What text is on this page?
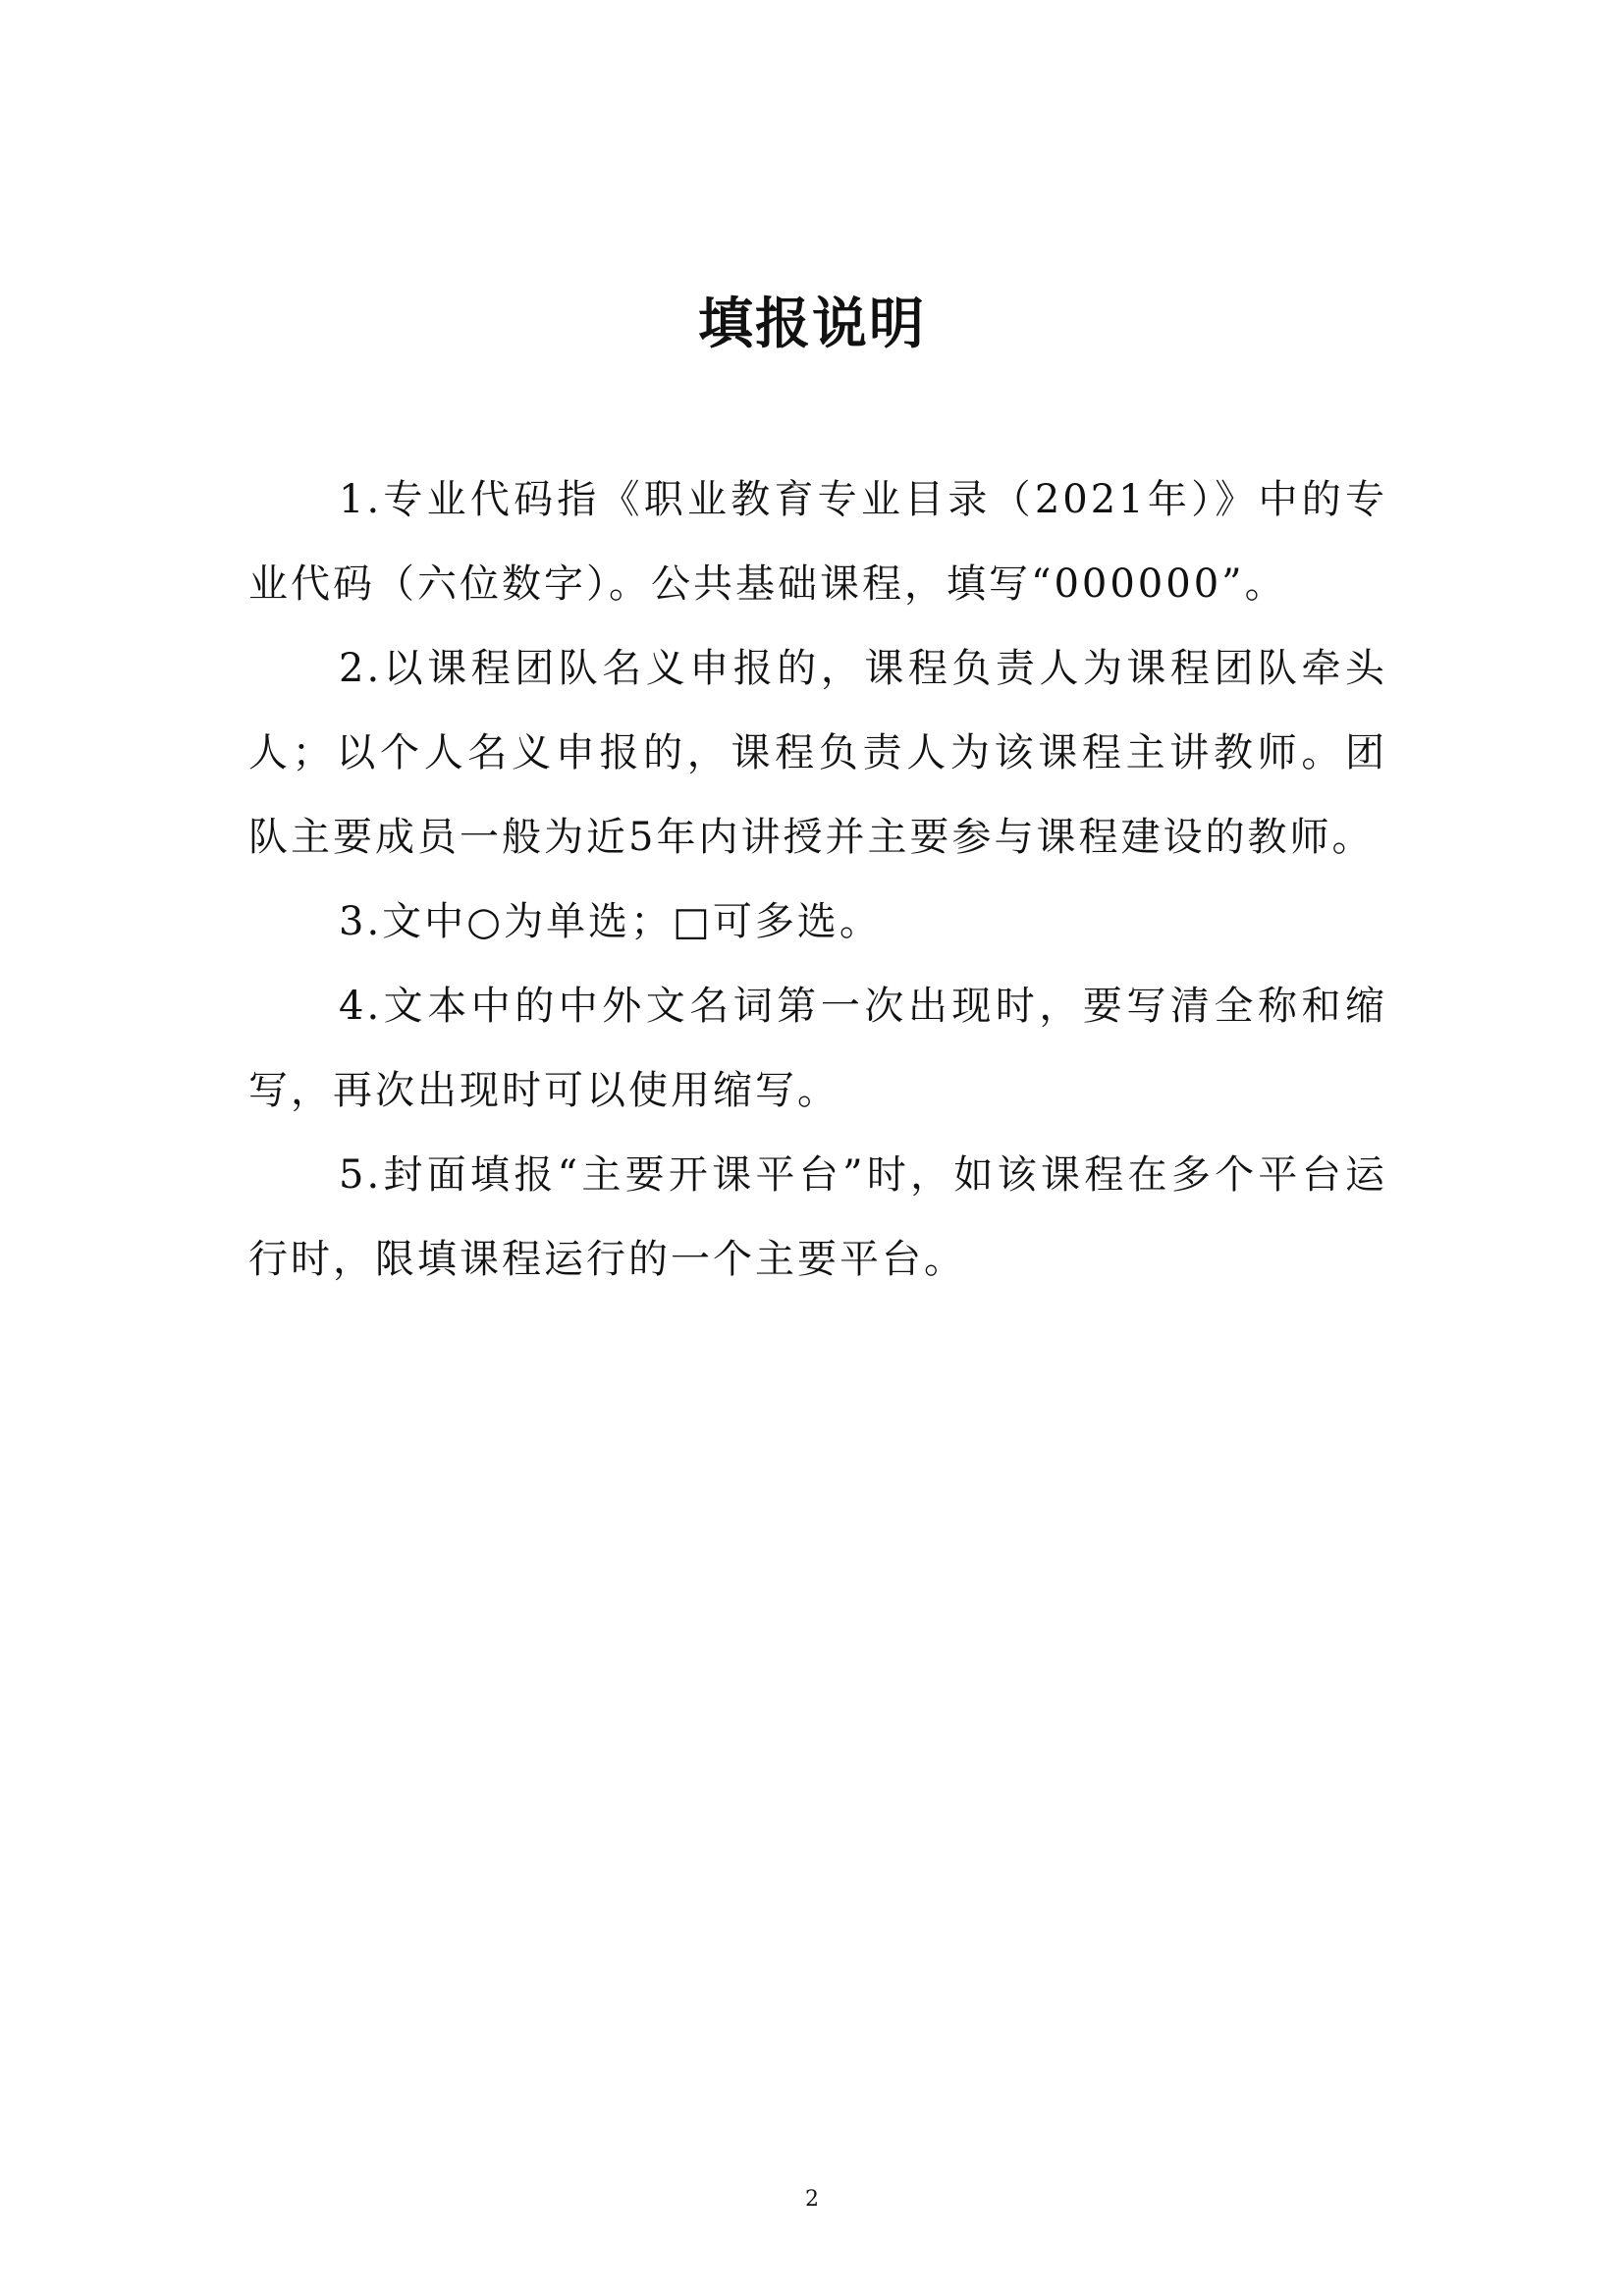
填报说明

1.专业代码指《职业教育专业目录（2021年）》中的专业代码（六位数字）。公共基础课程，填写“000000”。

2.以课程团队名义申报的，课程负责人为课程团队牵头人；以个人名义申报的，课程负责人为该课程主讲教师。团队主要成员一般为近5年内讲授并主要参与课程建设的教师。

3.文中○为单选；□可多选。

4.文本中的中外文名词第一次出现时，要写清全称和缩写，再次出现时可以使用缩写。

5.封面填报“主要开课平台”时，如该课程在多个平台运行时，限填课程运行的一个主要平台。

2
